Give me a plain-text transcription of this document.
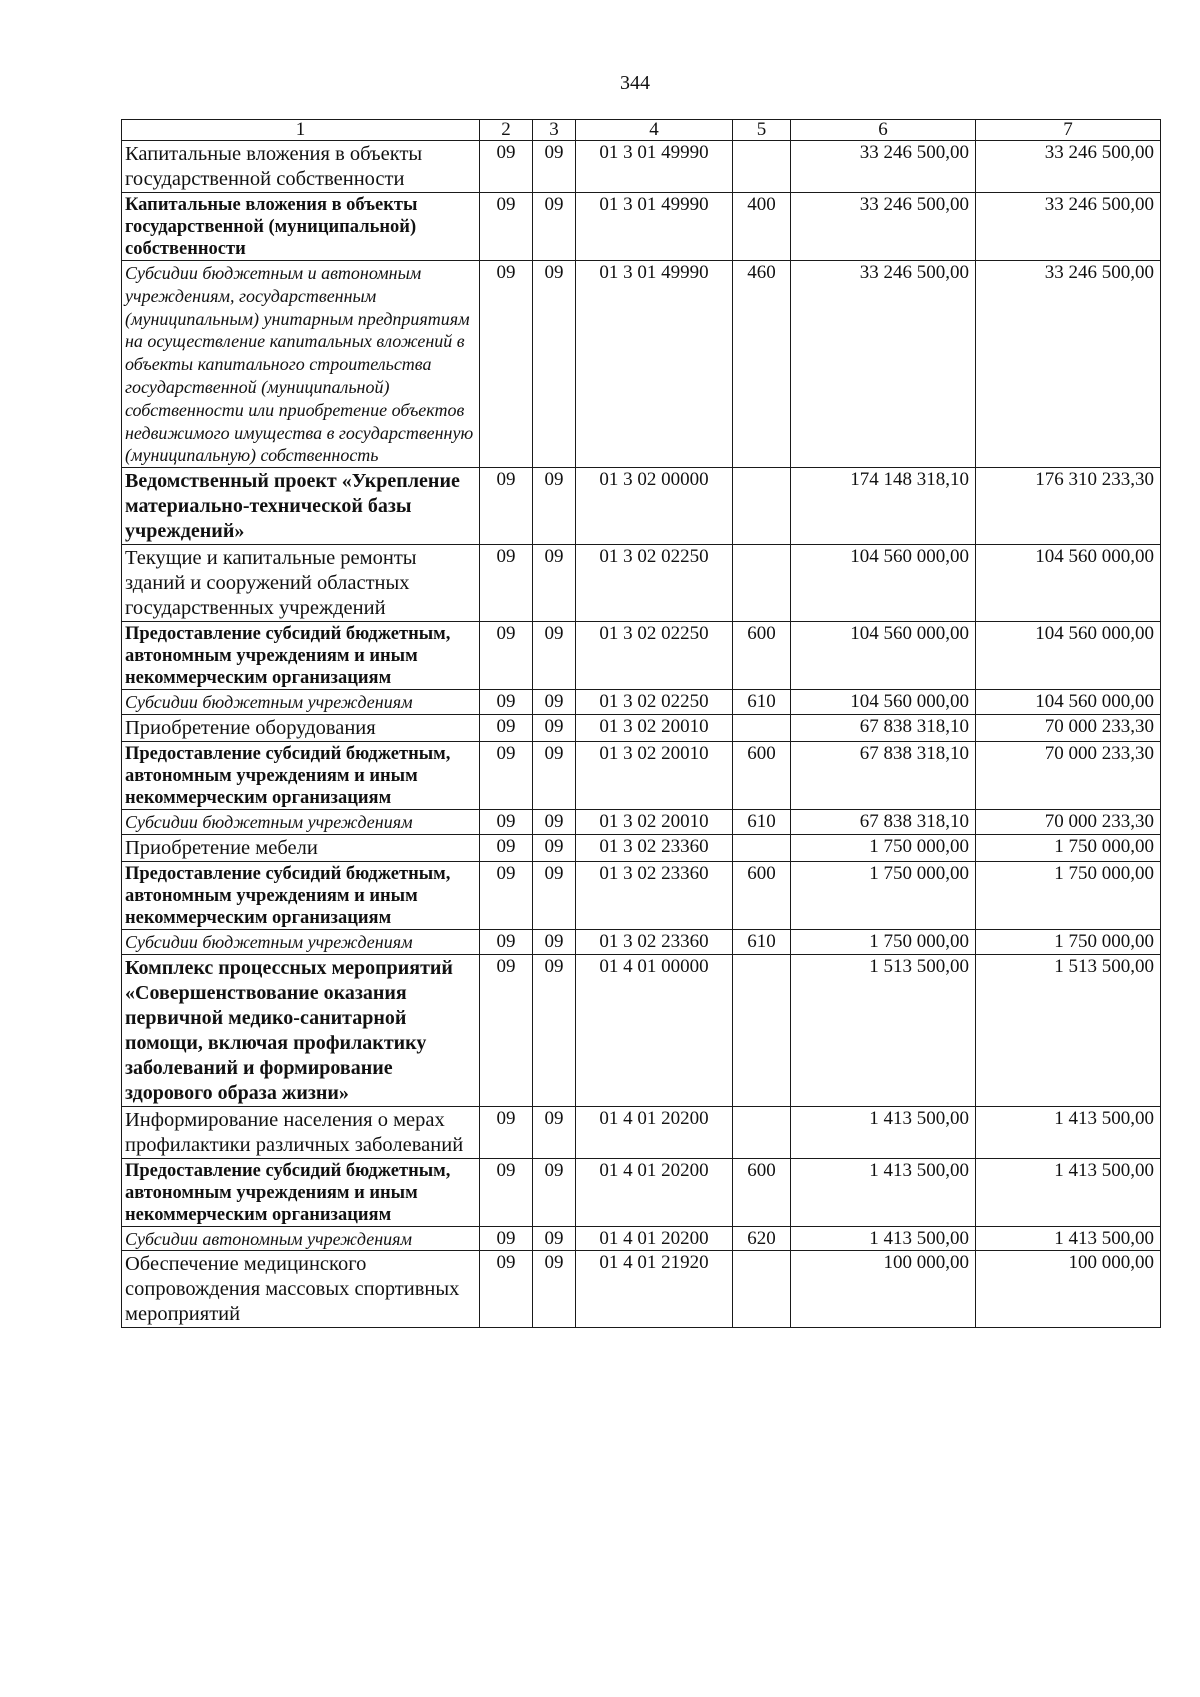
344
1	2	3	4	5	6	7
Капитальные вложения в объекты государственной собственности	09	09	01 3 01 49990		33 246 500,00	33 246 500,00
Капитальные вложения в объекты государственной (муниципальной) собственности	09	09	01 3 01 49990	400	33 246 500,00	33 246 500,00
Субсидии бюджетным и автономным учреждениям, государственным (муниципальным) унитарным предприятиям на осуществление капитальных вложений в объекты капитального строительства государственной (муниципальной) собственности или приобретение объектов недвижимого имущества в государственную (муниципальную) собственность	09	09	01 3 01 49990	460	33 246 500,00	33 246 500,00
Ведомственный проект «Укрепление материально-технической базы учреждений»	09	09	01 3 02 00000		174 148 318,10	176 310 233,30
Текущие и капитальные ремонты зданий и сооружений областных государственных учреждений	09	09	01 3 02 02250		104 560 000,00	104 560 000,00
Предоставление субсидий бюджетным, автономным учреждениям и иным некоммерческим организациям	09	09	01 3 02 02250	600	104 560 000,00	104 560 000,00
Субсидии бюджетным учреждениям	09	09	01 3 02 02250	610	104 560 000,00	104 560 000,00
Приобретение оборудования	09	09	01 3 02 20010		67 838 318,10	70 000 233,30
Предоставление субсидий бюджетным, автономным учреждениям и иным некоммерческим организациям	09	09	01 3 02 20010	600	67 838 318,10	70 000 233,30
Субсидии бюджетным учреждениям	09	09	01 3 02 20010	610	67 838 318,10	70 000 233,30
Приобретение мебели	09	09	01 3 02 23360		1 750 000,00	1 750 000,00
Предоставление субсидий бюджетным, автономным учреждениям и иным некоммерческим организациям	09	09	01 3 02 23360	600	1 750 000,00	1 750 000,00
Субсидии бюджетным учреждениям	09	09	01 3 02 23360	610	1 750 000,00	1 750 000,00
Комплекс процессных мероприятий «Совершенствование оказания первичной медико-санитарной помощи, включая профилактику заболеваний и формирование здорового образа жизни»	09	09	01 4 01 00000		1 513 500,00	1 513 500,00
Информирование населения о мерах профилактики различных заболеваний	09	09	01 4 01 20200		1 413 500,00	1 413 500,00
Предоставление субсидий бюджетным, автономным учреждениям и иным некоммерческим организациям	09	09	01 4 01 20200	600	1 413 500,00	1 413 500,00
Субсидии автономным учреждениям	09	09	01 4 01 20200	620	1 413 500,00	1 413 500,00
Обеспечение медицинского сопровождения массовых спортивных мероприятий	09	09	01 4 01 21920		100 000,00	100 000,00
